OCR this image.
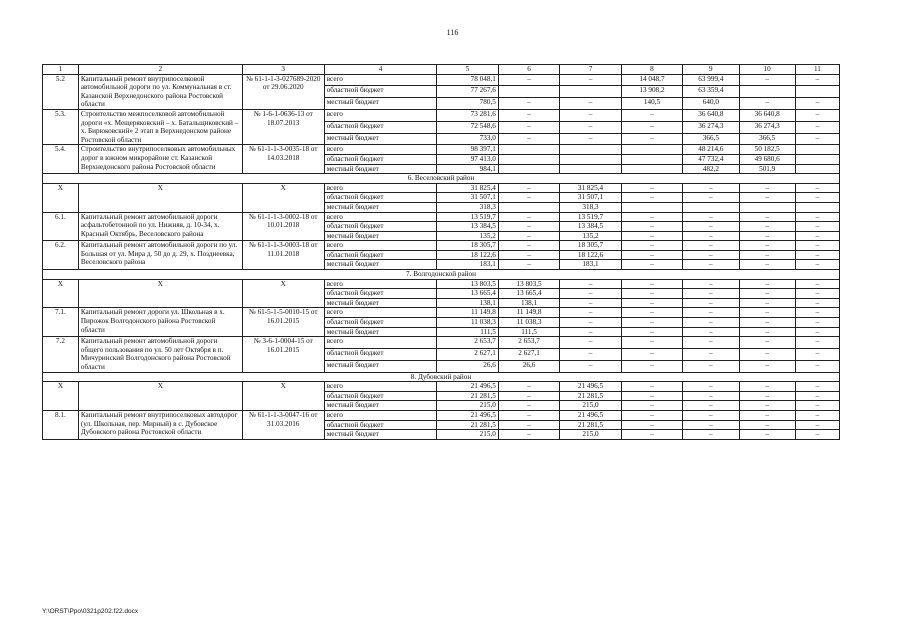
116
1	2	3	4	5	6	7	8	9	10	11
5.2	Капитальный ремонт внутрипоселковой автомобильной дороги по ул. Коммунальная в ст. Казанской Верхнедонского района Ростовской области	№ 61-1-1-3-027689-2020 от 29.06.2020	всего	78 048,1	–	–	14 048,7	63 999,4	–	–
			областной бюджет	77 267,6			13 908,2	63 359,4		
			местный бюджет	780,5	–	–	140,5	640,0	–	–
5.3.	Строительство межпоселковой автомобильной дороги «х. Мещеряковский – х. Батальщиковский – х. Бирюковский» 2 этап в Верхнедонском районе Ростовской области	№ 1-6-1-0636-13 от 18.07.2013	всего	73 281,6	–	–	–	36 640,8	36 640,8	–
			областной бюджет	72 548,6	–	–	–	36 274,3	36 274,3	–
			местный бюджет	733,0	–	–	–	366,5	366,5	–
5.4.	Строительство внутрипоселковых автомобильных дорог в южном микрорайоне ст. Казанской Верхнедонского района Ростовской области	№ 61-1-1-3-0035-18 от 14.03.2018	всего	98 397,1				48 214,6	50 182,5	
			областной бюджет	97 413,0				47 732,4	49 680,6	
			местный бюджет	984,1				482,2	501,9	
6. Веселовский район										
Х	Х	Х	всего	31 825,4	–	31 825,4	–	–	–	–
			областной бюджет	31 507,1	–	31 507,1	–	–	–	–
			местный бюджет	318,3		318,3				
6.1.	Капитальный ремонт автомобильной дороги асфальтобетонной по ул. Нижняя, д. 10-34, х. Красный Октябрь, Веселовского района	№ 61-1-1-3-0002-18 от 10.01.2018	всего	13 519,7	–	13 519,7	–	–	–	–
			областной бюджет	13 384,5	–	13 384,5	–	–	–	–
			местный бюджет	135,2	–	135,2	–	–	–	–
6.2.	Капитальный ремонт автомобильной дороги по ул. Большая от ул. Мира д. 50 до д. 29, х. Позднеевка, Веселовского района	№ 61-1-1-3-0003-18 от 11.01.2018	всего	18 305,7	–	18 305,7	–	–	–	–
			областной бюджет	18 122,6	–	18 122,6	–	–	–	–
			местный бюджет	183,1	–	183,1	–	–	–	–
7. Волгодонской район										
Х	Х	Х	всего	13 803,5	13 803,5	–	–	–	–	–
			областной бюджет	13 665,4	13 665,4	–	–	–	–	–
			местный бюджет	138,1	138,1	–	–	–	–	–
7.1.	Капитальный ремонт дороги ул. Школьная в х. Пирожок Волгодонского района Ростовской области	№ 61-5-1-5-0010-15 от 16.01.2015	всего	11 149,8	11 149,8	–	–	–	–	–
			областной бюджет	11 038,3	11 038,3	–	–	–	–	–
			местный бюджет	111,5	111,5	–	–	–	–	–
7.2	Капитальный ремонт автомобильной дороги общего пользования по ул. 50 лет Октября в п. Мичуринский Волгодонского района Ростовской области	№ 3-6-1-0004-15 от 16.01.2015	всего	2 653,7	2 653,7	–	–	–	–	–
			областной бюджет	2 627,1	2 627,1	–	–	–	–	–
			местный бюджет	26,6	26,6	–	–	–	–	–
8. Дубовский район										
Х	Х	Х	всего	21 496,5	–	21 496,5	–	–	–	–
			областной бюджет	21 281,5	–	21 281,5	–	–	–	–
			местный бюджет	215,0	–	215,0	–	–	–	–
8.1.	Капитальный ремонт внутрипоселковых автодорог (ул. Школьная, пер. Мирный) в с. Дубовское Дубовского района Ростовской области	№ 61-1-1-3-0047-16 от 31.03.2016	всего	21 496,5	–	21 496,5	–	–	–	–
			областной бюджет	21 281,5	–	21 281,5	–	–	–	–
			местный бюджет	215,0	–	215,0	–	–	–	–
Y:\ORST\Ppo\0321p202.f22.docx
